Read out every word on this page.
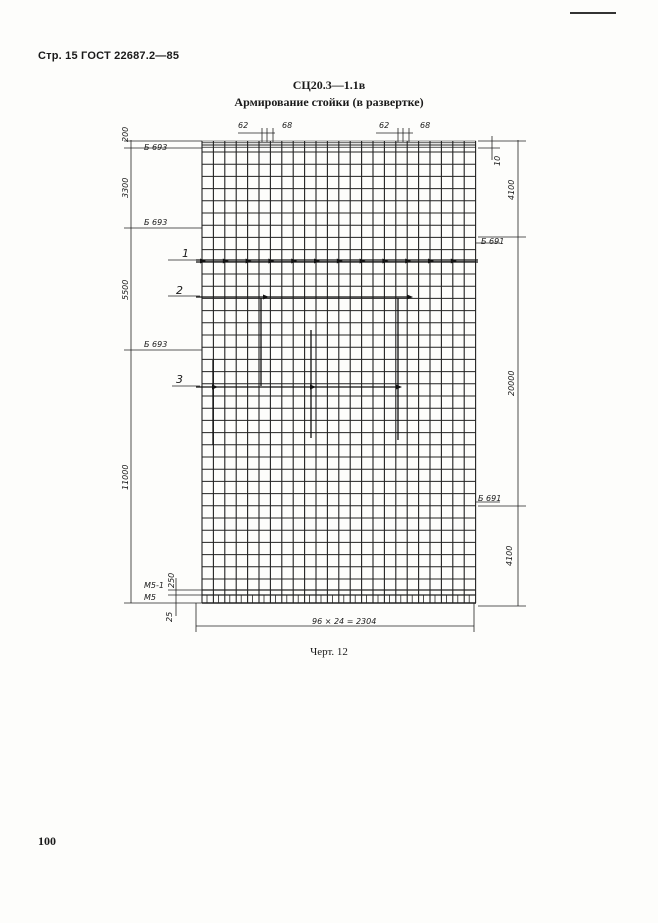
Стр. 15 ГОСТ 22687.2—85
СЦ20.3—1.1в
Армирование стойки (в развертке)
62	68	62	68
200
3300
5500
11000
250
25
Б 693
Б 693
Б 693
М5-1
М5
10
4100
20000
4100
Б 691
Б 691
1
2
3
96 × 24 = 2304
Черт. 12
100
